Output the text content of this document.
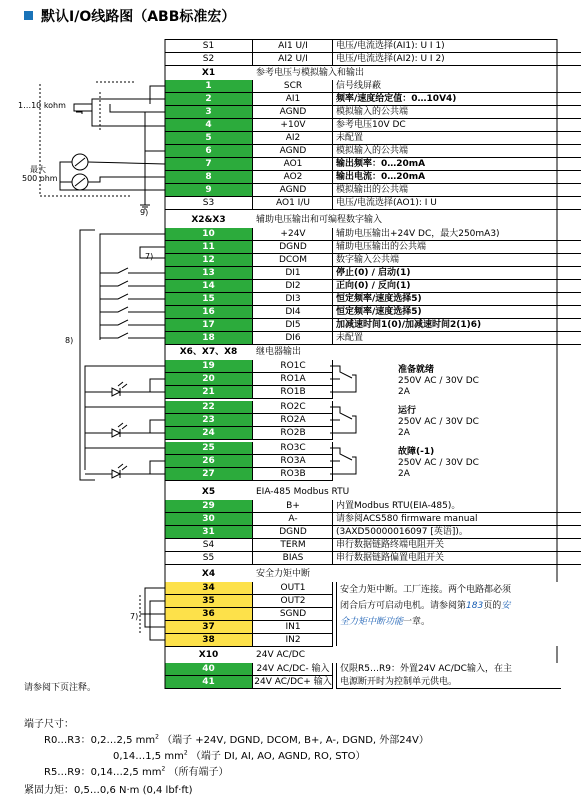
默认I/O线路图（ABB标准宏）
S1	AI1 U/I	电压/电流选择(AI1): U I 1)
S2	AI2 U/I	电压/电流选择(AI2): U I 2)
1	SCR	信号线屏蔽
2	AI1	频率/速度给定值：0…10V4)
3	AGND	模拟输入的公共端
4	+10V	参考电压10V DC
5	AI2	未配置
6	AGND	模拟输入的公共端
7	AO1	输出频率：0…20mA
8	AO2	输出电流：0…20mA
9	AGND	模拟输出的公共端
S3	AO1 I/U	电压/电流选择(AO1): I U
10	+24V	辅助电压输出+24V DC，最大250mA3)
11	DGND	辅助电压输出的公共端
12	DCOM	数字输入公共端
13	DI1	停止(0) / 启动(1)
14	DI2	正向(0) / 反向(1)
15	DI3	恒定频率/速度选择5)
16	DI4	恒定频率/速度选择5)
17	DI5	加减速时间1(0)/加减速时间2(1)6)
18	DI6	未配置
19	RO1C
20	RO1A
21	RO1B
22	RO2C
23	RO2A
24	RO2B
25	RO3C
26	RO3A
27	RO3B
29	B+	内置Modbus RTU(EIA-485)。
30	A-	请参阅ACS580 firmware manual
31	DGND	(3AXD50000016097 [英语])。
S4	TERM	串行数据链路终端电阻开关
S5	BIAS	串行数据链路偏置电阻开关
34	OUT1
35	OUT2
36	SGND
37	IN1
38	IN2
40	24V AC/DC- 输入
41	24V AC/DC+ 输入
X1	参考电压与模拟输入和输出
X2&X3	辅助电压输出和可编程数字输入
X6、X7、X8	继电器输出
X5	EIA-485 Modbus RTU
X4	安全力矩中断
X10	24V AC/DC
准备就绪
250V AC / 30V DC
2A
运行
250V AC / 30V DC
2A
故障(-1)
250V AC / 30V DC
2A
安全力矩中断。工厂连接。两个电路都必须
闭合后方可启动电机。请参阅第183页的安
全力矩中断功能一章。
仅限R5…R9：外置24V AC/DC输入，在主
电源断开时为控制单元供电。
1…10 kohm
最大
500 ohm
9)
7)
8)
7)
请参阅下页注释。
端子尺寸：
R0…R3：0,2…2,5 $mm^2$ （端子 +24V, DGND, DCOM, B+, A-, DGND, 外部24V）
0,14…1,5 $mm^2$ （端子 DI, AI, AO, AGND, RO, STO）
R5…R9：0,14…2,5 $mm^2$ （所有端子）
紧固力矩：0,5…0,6 N·m (0,4 lbf·ft)
